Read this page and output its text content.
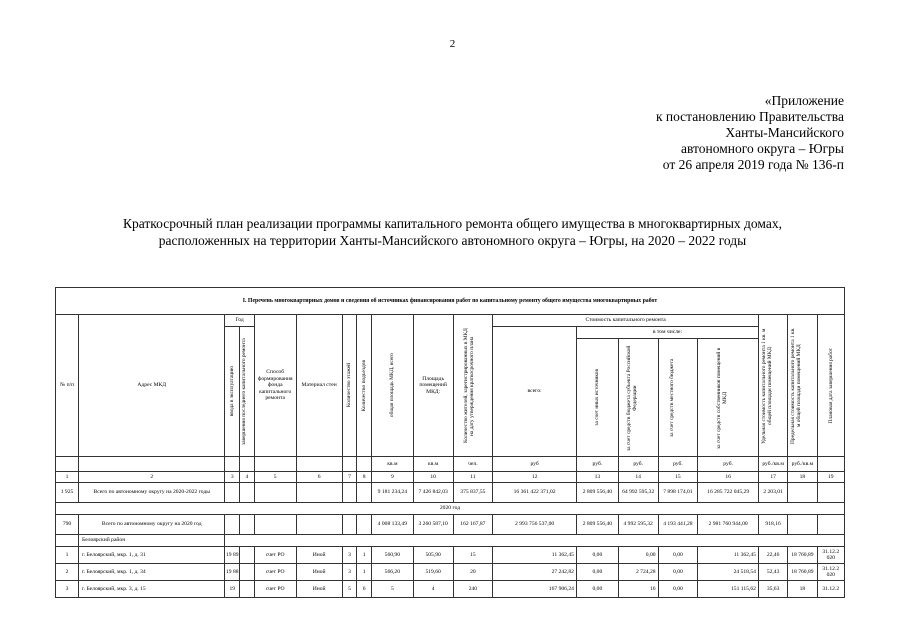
2
«Приложение
к постановлению Правительства
Ханты-Мансийского
автономного округа – Югры
от 26 апреля 2019 года № 136-п
Краткосрочный план реализации программы капитального ремонта общего имущества в многоквартирных домах,
расположенных на территории Ханты-Мансийского автономного округа – Югры, на 2020 – 2022 годы
I. Перечень многоквартирных домов и сведения об источниках финансирования работ по капитальному ремонту общего имущества многоквартирных работ																		
№ п/п	Адрес МКД	Год		Способ формирования фонда капитального ремонта	Материал стен	Количество этажей	Количество подъездов	общая площадь МКД, всего	Площадь помещений МКД:	Количество жителей, зарегистрированных в МКД на дату утверждения краткосрочного плана	Стоимость капитального ремонта					Удельная стоимость капитального ремонта 1 кв. м общей площади помещений МКД	Предельная стоимость капитального ремонта 1 кв. м общей площади помещений МКД	Плановая дата завершения работ

		ввода в эксплуатацию	завершения последнего капитального ремонта								всего:	в том числе:						

												за счет иных источников	за счет средств бюджета субъекта Российской Федерации	за счет средств местного бюджета	за счет средств собственников помещений в МКД			

								кв.м	кв.м	чел.	руб	руб.	руб.	руб.	руб.	руб./кв.м	руб./кв.м	
1	2	3	4	5	6	7	8	9	10	11	12	13	14	15	16	17	18	19
1 925	Всего по автономному округу на 2020-2022 годы							9 181 234,24	7 426 842,03	375 837,55	16 361 422 371,02	2 809 556,40	64 992 595,32	7 898 174,01	16 285 722 045,29	2 203,01		
2020 год																		
790	Всего по автономному округу на 2020 год							4 008 133,49	3 260 587,10	162 167,87	2 993 756 537,00	2 809 556,40	4 992 595,32	4 193 441,28	2 981 760 944,00	918,16		
	Белоярский район																	
1	г. Белоярский, мкр. 1, д. 31	19 89		счет РО	Иной	3	1	560,90	505,90	15	11 362,45	0,00	0,00	0,00	11 362,45	22,46	18 760,89	31.12.2 020
2	г. Белоярский, мкр. 1, д. 34	19 88		счет РО	Иной	3	1	566,20	519,60	20	27 242,82	0,00	2 724,28	0,00	24 518,54	52,43	18 760,89	31.12.2 020
3	г. Белоярский, мкр. 3, д. 15	19		счет РО	Иной	5	6	5	4	240	167 906,24	0,00	16	0,00	151 115,62	35,63	18	31.12.2
